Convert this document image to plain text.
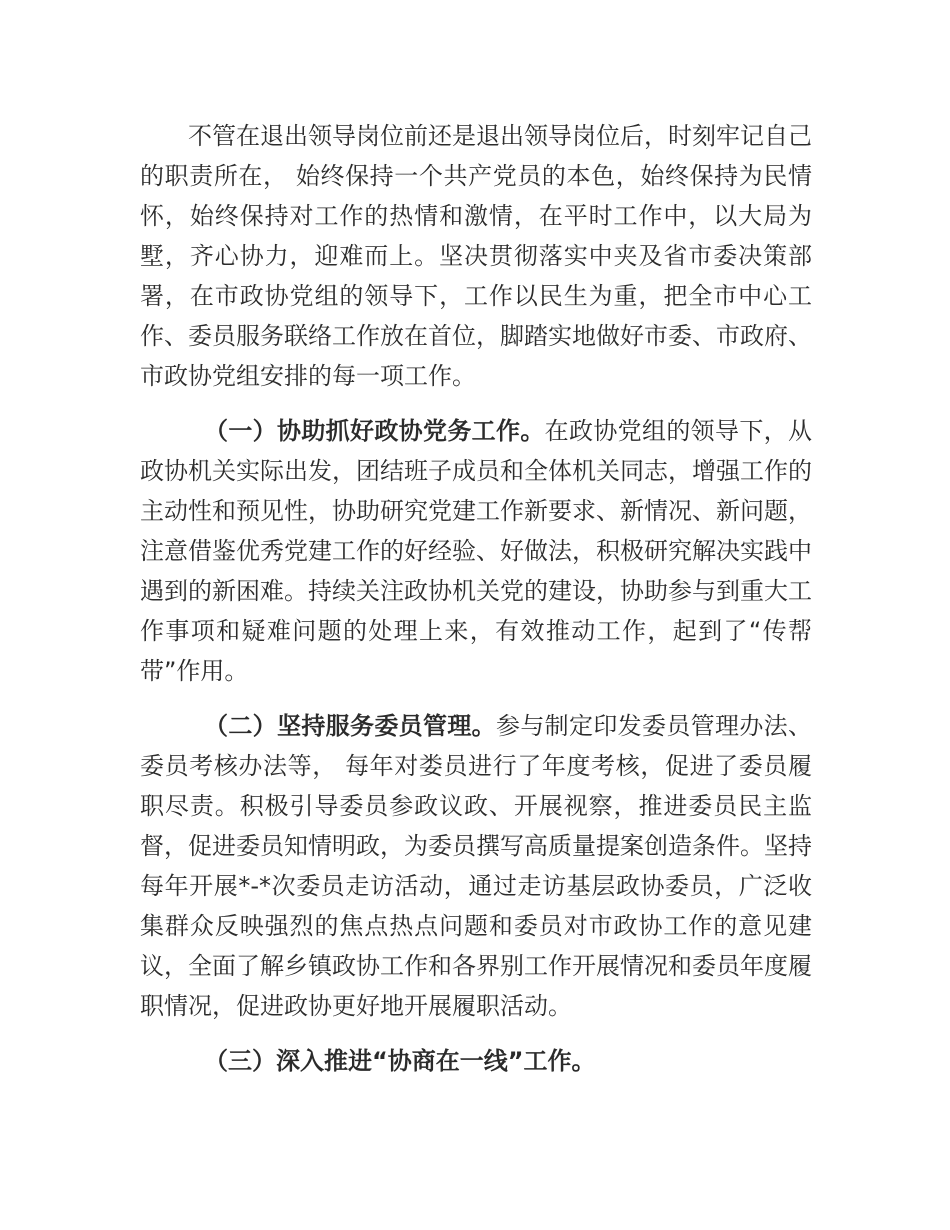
不管在退出领导岗位前还是退出领导岗位后，时刻牢记自己的职责所在， 始终保持一个共产党员的本色，始终保持为民情怀，始终保持对工作的热情和激情，在平时工作中，以大局为墅，齐心协力，迎难而上。坚决贯彻落实中夹及省市委决策部署，在市政协党组的领导下，工作以民生为重，把全市中心工作、委员服务联络工作放在首位，脚踏实地做好市委、市政府、市政协党组安排的每一项工作。

（一）协助抓好政协党务工作。在政协党组的领导下，从政协机关实际出发，团结班子成员和全体机关同志，增强工作的主动性和预见性，协助研究党建工作新要求、新情况、新问题，注意借鉴优秀党建工作的好经验、好做法，积极研究解决实践中遇到的新困难。持续关注政协机关党的建设，协助参与到重大工作事项和疑难问题的处理上来，有效推动工作，起到了“传帮带”作用。

（二）坚持服务委员管理。参与制定印发委员管理办法、委员考核办法等， 每年对娄员进行了年度考核，促进了委员履职尽责。积极引导委员参政议政、开展视察，推进委员民主监督，促进委员知情明政，为委员撰写高质量提案创造条件。坚持每年开展*-*次委员走访活动，通过走访基层政协委员，广泛收集群众反映强烈的焦点热点问题和委员对市政协工作的意见建议，全面了解乡镇政协工作和各界别工作开展情况和委员年度履职情况，促进政协更好地开展履职活动。

（三）深入推进“协商在一线”工作。
